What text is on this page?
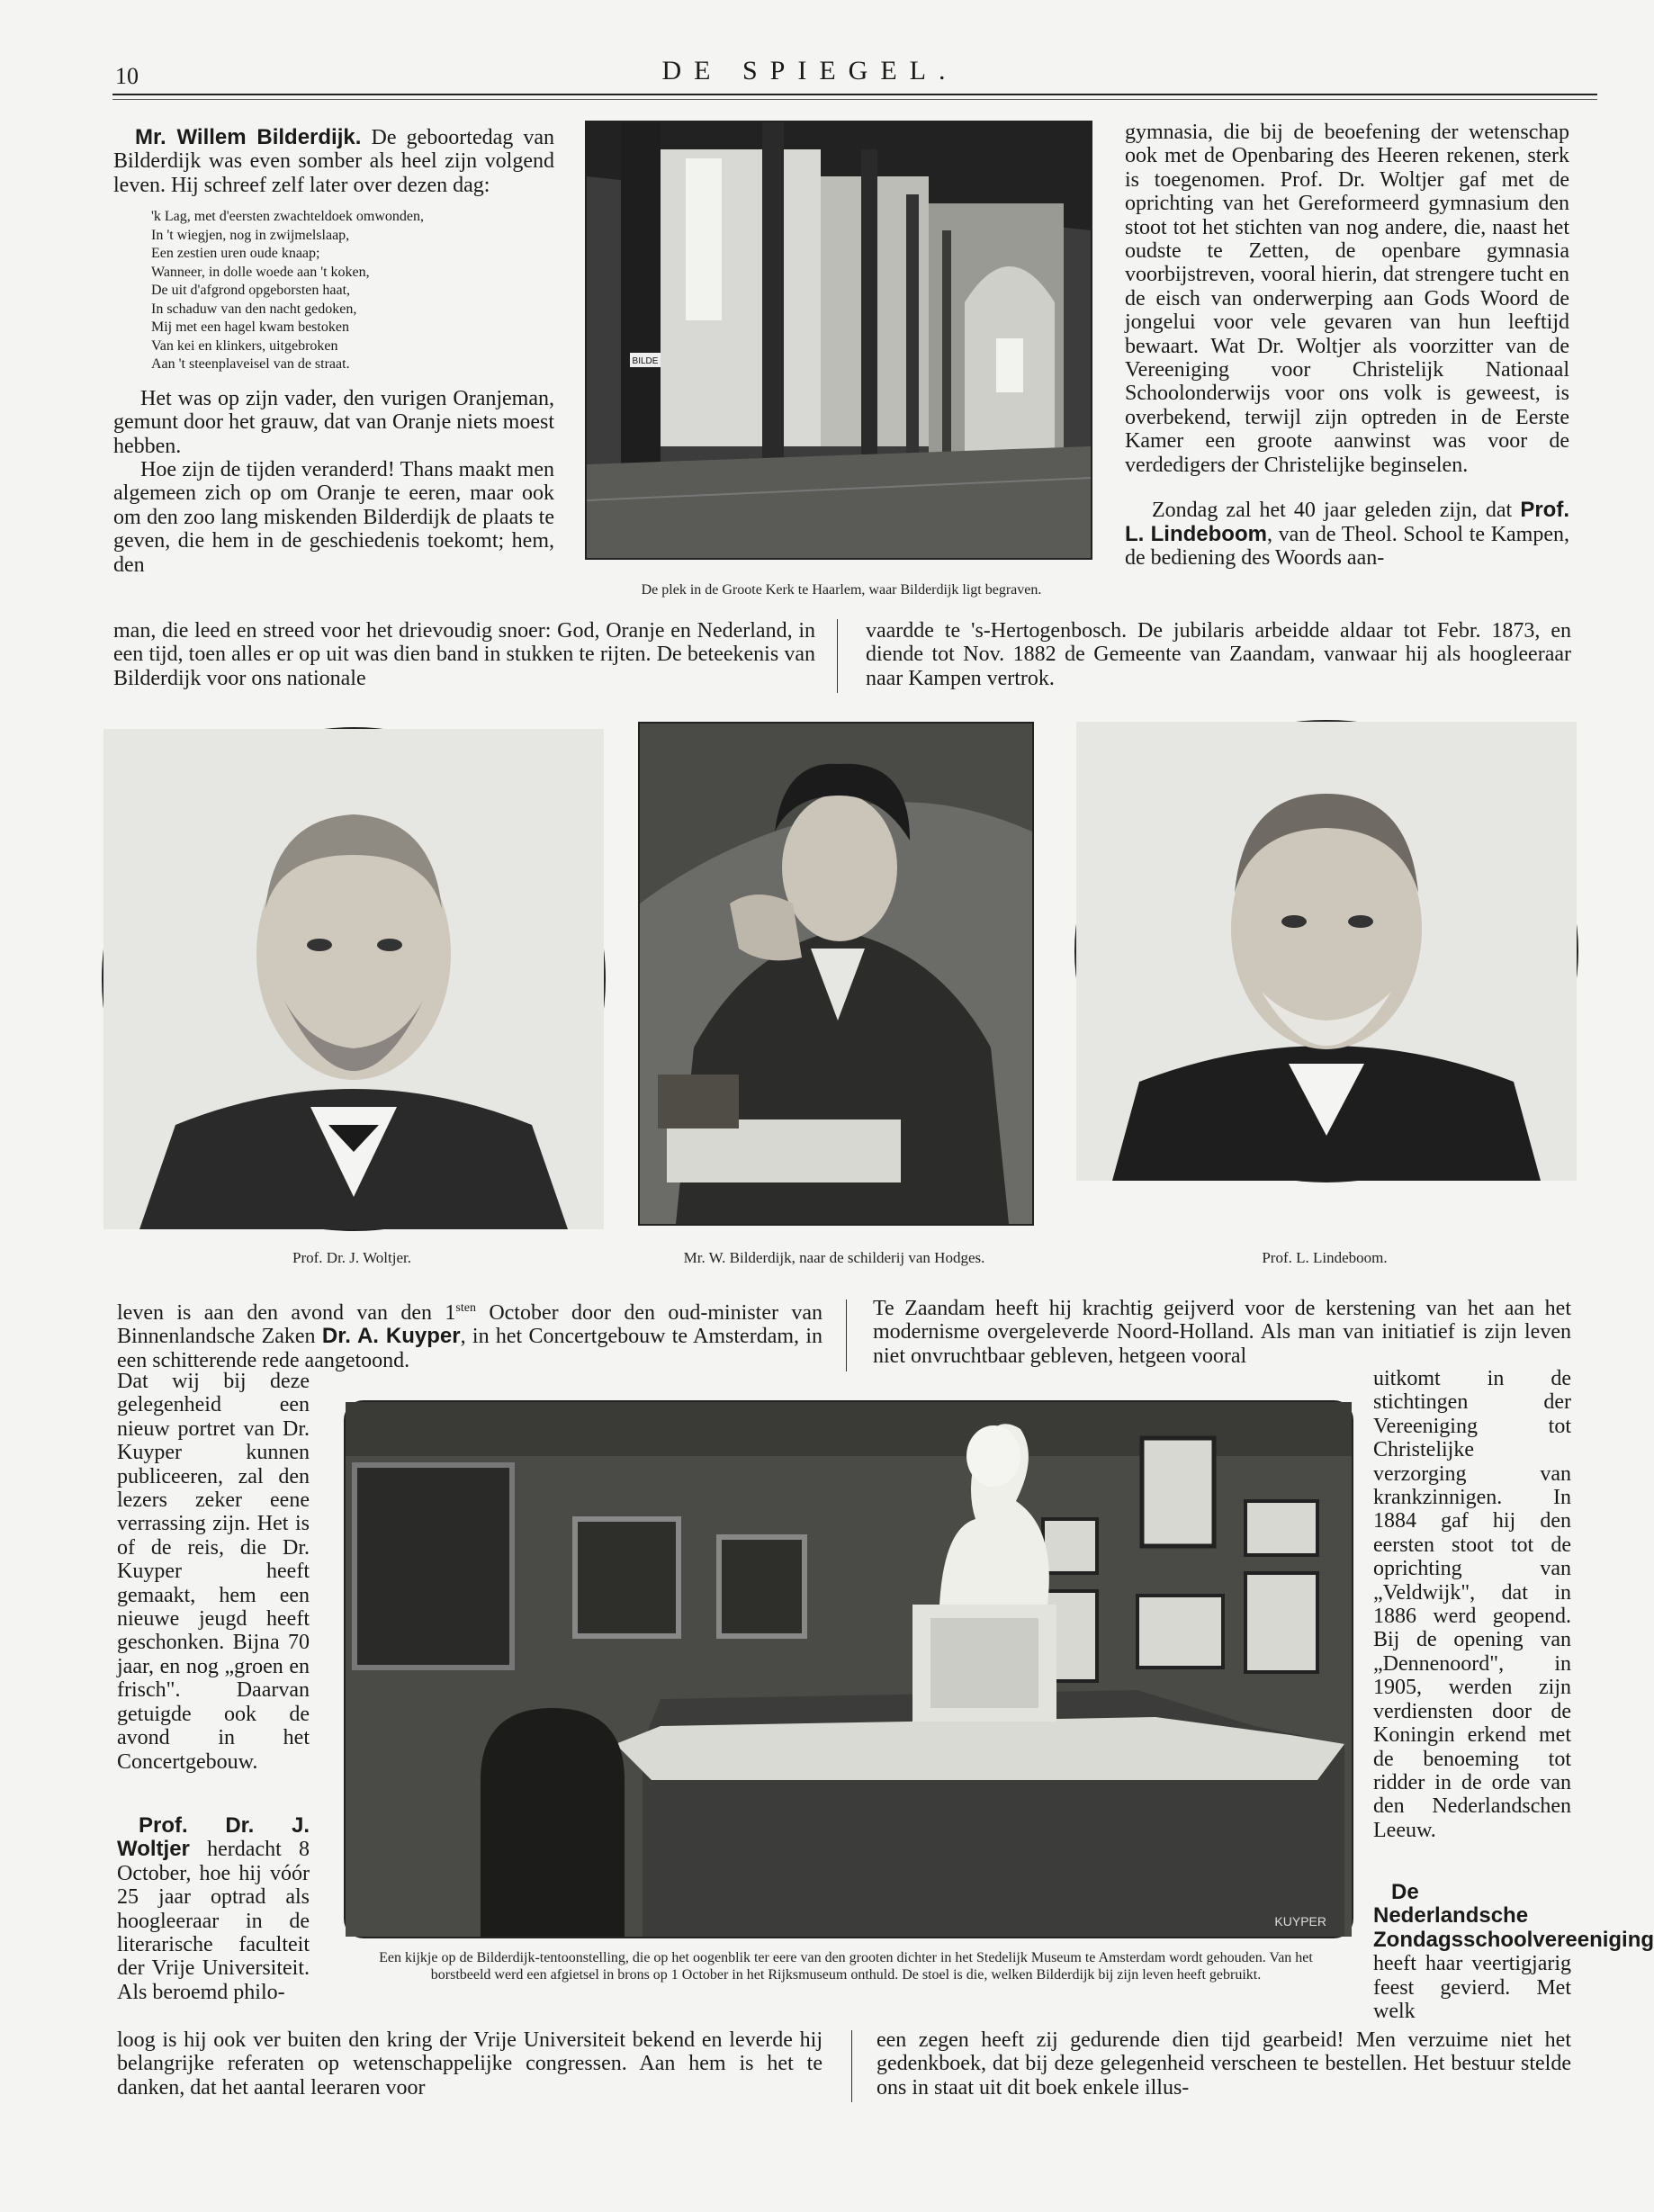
10	DE SPIEGEL.

Mr. Willem Bilderdijk. De geboortedag van Bilderdijk was even somber als heel zijn volgend leven. Hij schreef zelf later over dezen dag:

'k Lag, met d'eersten zwachteldoek omwonden,
In 't wiegjen, nog in zwijmelslaap,
Een zestien uren oude knaap;
Wanneer, in dolle woede aan 't koken,
De uit d'afgrond opgeborsten haat,
In schaduw van den nacht gedoken,
Mij met een hagel kwam bestoken
Van kei en klinkers, uitgebroken
Aan 't steenplaveisel van de straat.

Het was op zijn vader, den vurigen Oranjeman, gemunt door het grauw, dat van Oranje niets moest hebben.

Hoe zijn de tijden veranderd! Thans maakt men algemeen zich op om Oranje te eeren, maar ook om den zoo lang miskenden Bilderdijk de plaats te geven, die hem in de geschiedenis toekomt; hem, den

BILDE
De plek in de Groote Kerk te Haarlem, waar Bilderdijk ligt begraven.

gymnasia, die bij de beoefening der wetenschap ook met de Openbaring des Heeren rekenen, sterk is toegenomen. Prof. Dr. Woltjer gaf met de oprichting van het Gereformeerd gymnasium den stoot tot het stichten van nog andere, die, naast het oudste te Zetten, de openbare gymnasia voorbijstreven, vooral hierin, dat strengere tucht en de eisch van onderwerping aan Gods Woord de jongelui voor vele gevaren van hun leeftijd bewaart. Wat Dr. Woltjer als voorzitter van de Vereeniging voor Christelijk Nationaal Schoolonderwijs voor ons volk is geweest, is overbekend, terwijl zijn optreden in de Eerste Kamer een groote aanwinst was voor de verdedigers der Christelijke beginselen.

Zondag zal het 40 jaar geleden zijn, dat Prof. L. Lindeboom, van de Theol. School te Kampen, de bediening des Woords aan-

man, die leed en streed voor het drievoudig snoer: God, Oranje en Nederland, in een tijd, toen alles er op uit was dien band in stukken te rijten. De beteekenis van Bilderdijk voor ons nationale
vaardde te 's-Hertogenbosch. De jubilaris arbeidde aldaar tot Febr. 1873, en diende tot Nov. 1882 de Gemeente van Zaandam, vanwaar hij als hoogleeraar naar Kampen vertrok.
Prof. Dr. J. Woltjer.	Mr. W. Bilderdijk, naar de schilderij van Hodges.	Prof. L. Lindeboom.
leven is aan den avond van den $1^{sten}$ October door den oud-minister van Binnenlandsche Zaken Dr. A. Kuyper, in het Concertgebouw te Amsterdam, in een schitterende rede aangetoond.
Te Zaandam heeft hij krachtig geijverd voor de kerstening van het aan het modernisme overgeleverde Noord-Holland. Als man van initiatief is zijn leven niet onvruchtbaar gebleven, hetgeen vooral
Dat wij bij deze gelegenheid een nieuw portret van Dr. Kuyper kunnen publiceeren, zal den lezers zeker eene verrassing zijn. Het is of de reis, die Dr. Kuyper heeft gemaakt, hem een nieuwe jeugd heeft geschonken. Bijna 70 jaar, en nog „groen en frisch". Daarvan getuigde ook de avond in het Concertgebouw.
Prof. Dr. J. Woltjer herdacht 8 October, hoe hij vóór 25 jaar optrad als hoogleeraar in de literarische faculteit der Vrije Universiteit. Als beroemd philo-
KUYPER
Een kijkje op de Bilderdijk-tentoonstelling, die op het oogenblik ter eere van den grooten dichter in het Stedelijk Museum te Amsterdam wordt gehouden. Van het borstbeeld werd een afgietsel in brons op 1 October in het Rijksmuseum onthuld. De stoel is die, welken Bilderdijk bij zijn leven heeft gebruikt.
uitkomt in de stichtingen der Vereeniging tot Christelijke verzorging van krankzinnigen. In 1884 gaf hij den eersten stoot tot de oprichting van „Veldwijk", dat in 1886 werd geopend. Bij de opening van „Dennenoord", in 1905, werden zijn verdiensten door de Koningin erkend met de benoeming tot ridder in de orde van den Nederlandschen Leeuw.
De Nederlandsche Zondagsschoolvereeniging heeft haar veertigjarig feest gevierd. Met welk
loog is hij ook ver buiten den kring der Vrije Universiteit bekend en leverde hij belangrijke referaten op wetenschappelijke congressen. Aan hem is het te danken, dat het aantal leeraren voor
een zegen heeft zij gedurende dien tijd gearbeid! Men verzuime niet het gedenkboek, dat bij deze gelegenheid verscheen te bestellen. Het bestuur stelde ons in staat uit dit boek enkele illus-
